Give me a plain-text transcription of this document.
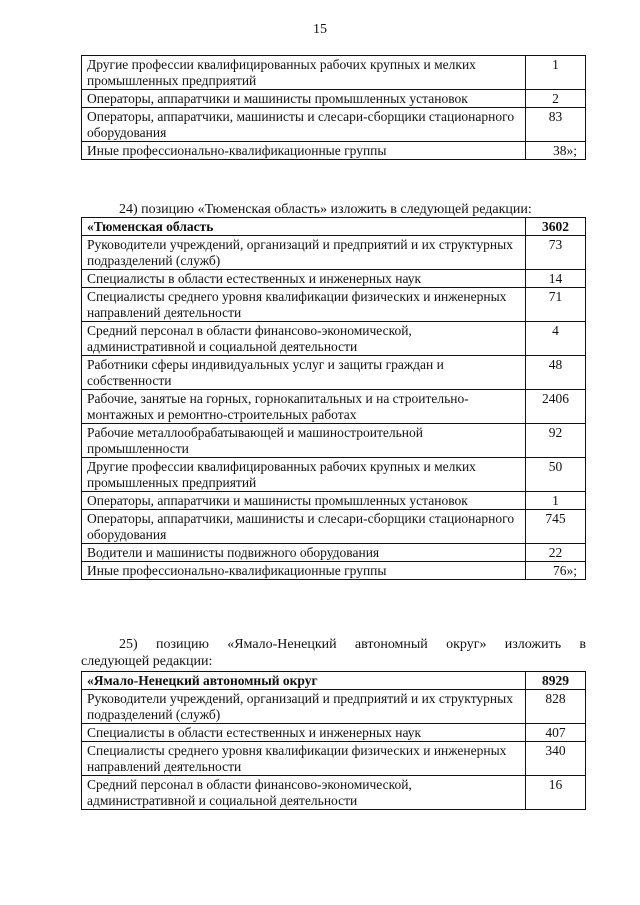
15
Другие профессии квалифицированных рабочих крупных и мелких промышленных предприятий	1
Операторы, аппаратчики и машинисты промышленных установок	2
Операторы, аппаратчики, машинисты и слесари-сборщики стационарного оборудования	83
Иные профессионально-квалификационные группы	38»;
24) позицию «Тюменская область» изложить в следующей редакции:
«Тюменская область	3602
Руководители учреждений, организаций и предприятий и их структурных подразделений (служб)	73
Специалисты в области естественных и инженерных наук	14
Специалисты среднего уровня квалификации физических и инженерных направлений деятельности	71
Средний персонал в области финансово-экономической, административной и социальной деятельности	4
Работники сферы индивидуальных услуг и защиты граждан и собственности	48
Рабочие, занятые на горных, горнокапитальных и на строительно-монтажных и ремонтно-строительных работах	2406
Рабочие металлообрабатывающей и машиностроительной промышленности	92
Другие профессии квалифицированных рабочих крупных и мелких промышленных предприятий	50
Операторы, аппаратчики и машинисты промышленных установок	1
Операторы, аппаратчики, машинисты и слесари-сборщики стационарного оборудования	745
Водители и машинисты подвижного оборудования	22
Иные профессионально-квалификационные группы	76»;
25) позицию «Ямало-Ненецкий автономный округ» изложить в
следующей редакции:
«Ямало-Ненецкий автономный округ	8929
Руководители учреждений, организаций и предприятий и их структурных подразделений (служб)	828
Специалисты в области естественных и инженерных наук	407
Специалисты среднего уровня квалификации физических и инженерных направлений деятельности	340
Средний персонал в области финансово-экономической, административной и социальной деятельности	16
